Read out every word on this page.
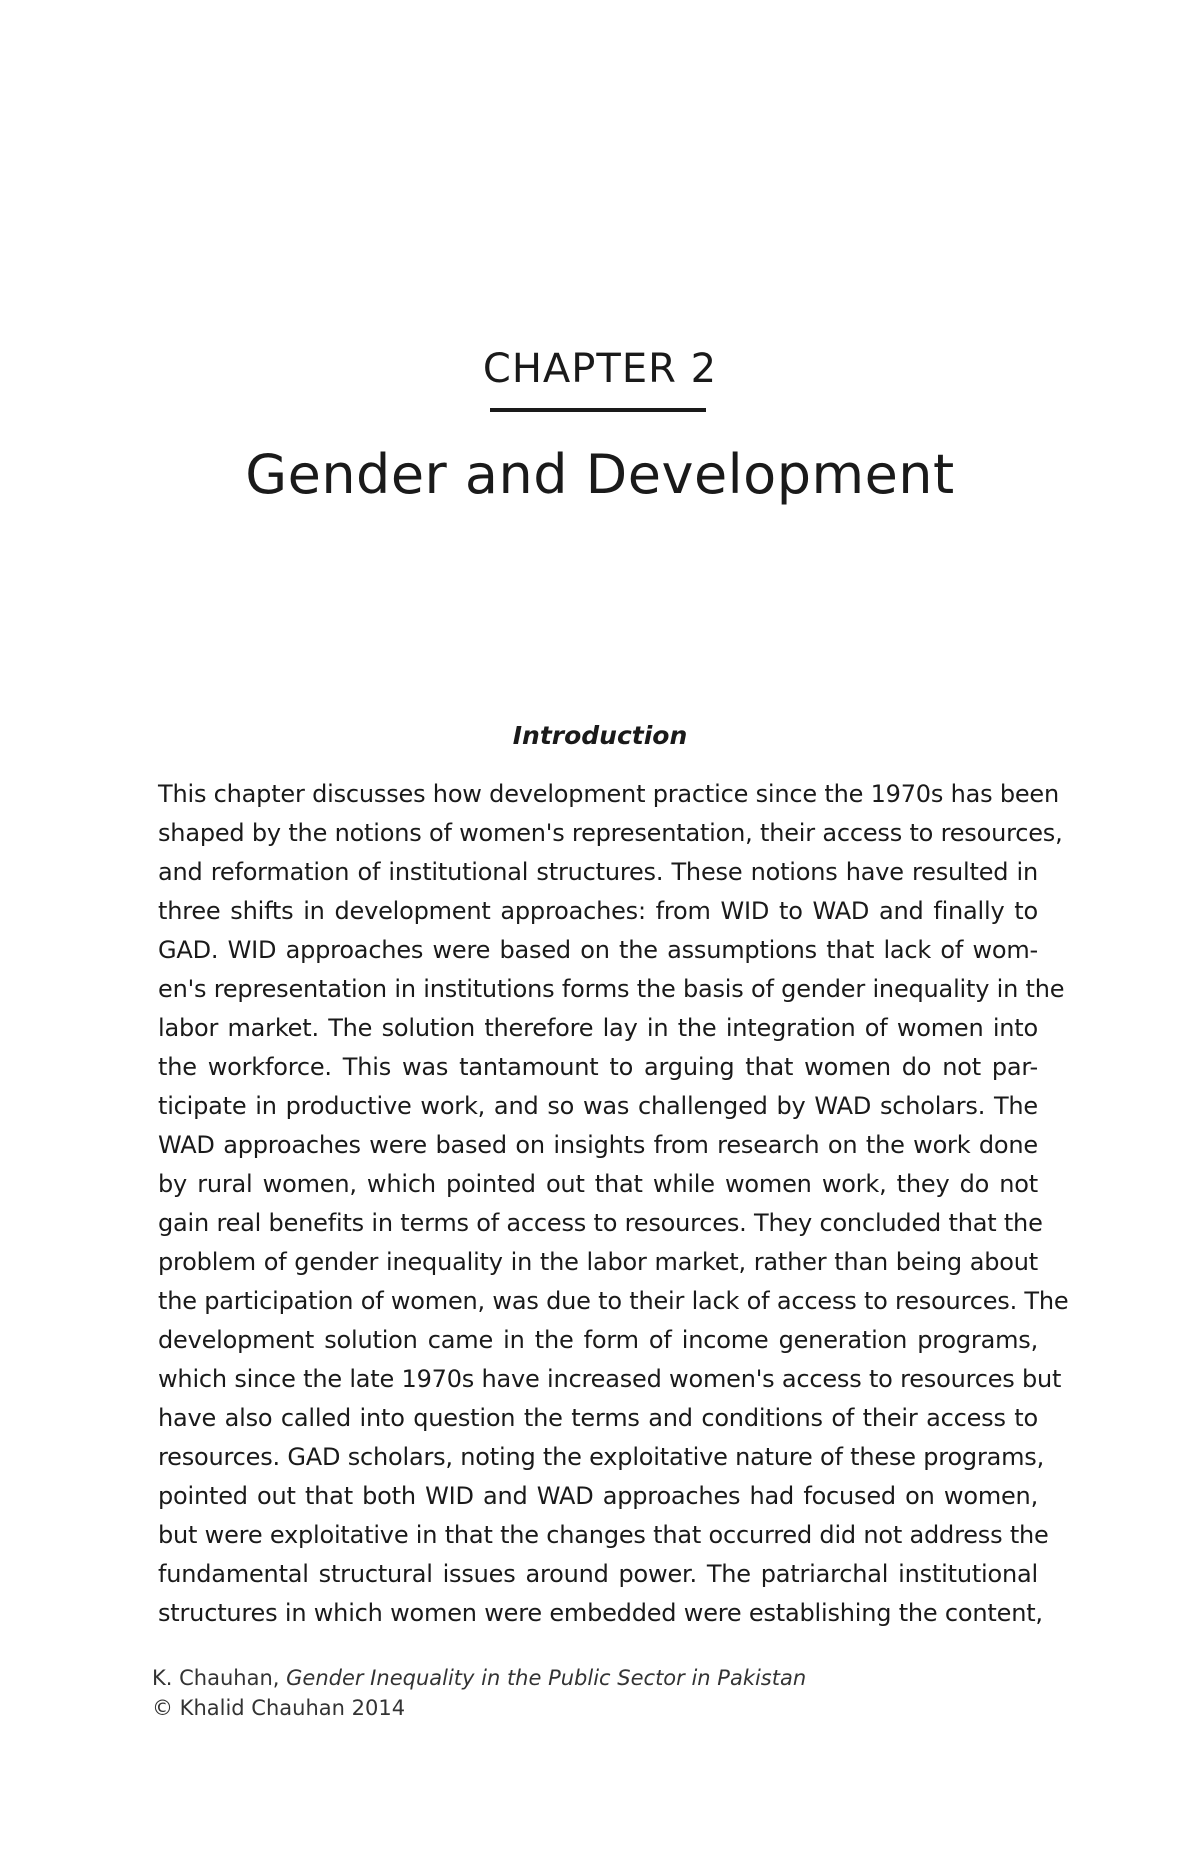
CHAPTER 2
Gender and Development
Introduction

This chapter discusses how development practice since the 1970s has been
shaped by the notions of women's representation, their access to resources,
and reformation of institutional structures. These notions have resulted in
three shifts in development approaches: from WID to WAD and finally to
GAD. WID approaches were based on the assumptions that lack of wom-
en's representation in institutions forms the basis of gender inequality in the
labor market. The solution therefore lay in the integration of women into
the workforce. This was tantamount to arguing that women do not par-
ticipate in productive work, and so was challenged by WAD scholars. The
WAD approaches were based on insights from research on the work done
by rural women, which pointed out that while women work, they do not
gain real benefits in terms of access to resources. They concluded that the
problem of gender inequality in the labor market, rather than being about
the participation of women, was due to their lack of access to resources. The
development solution came in the form of income generation programs,
which since the late 1970s have increased women's access to resources but
have also called into question the terms and conditions of their access to
resources. GAD scholars, noting the exploitative nature of these programs,
pointed out that both WID and WAD approaches had focused on women,
but were exploitative in that the changes that occurred did not address the
fundamental structural issues around power. The patriarchal institutional
structures in which women were embedded were establishing the content,

K. Chauhan, Gender Inequality in the Public Sector in Pakistan
© Khalid Chauhan 2014
